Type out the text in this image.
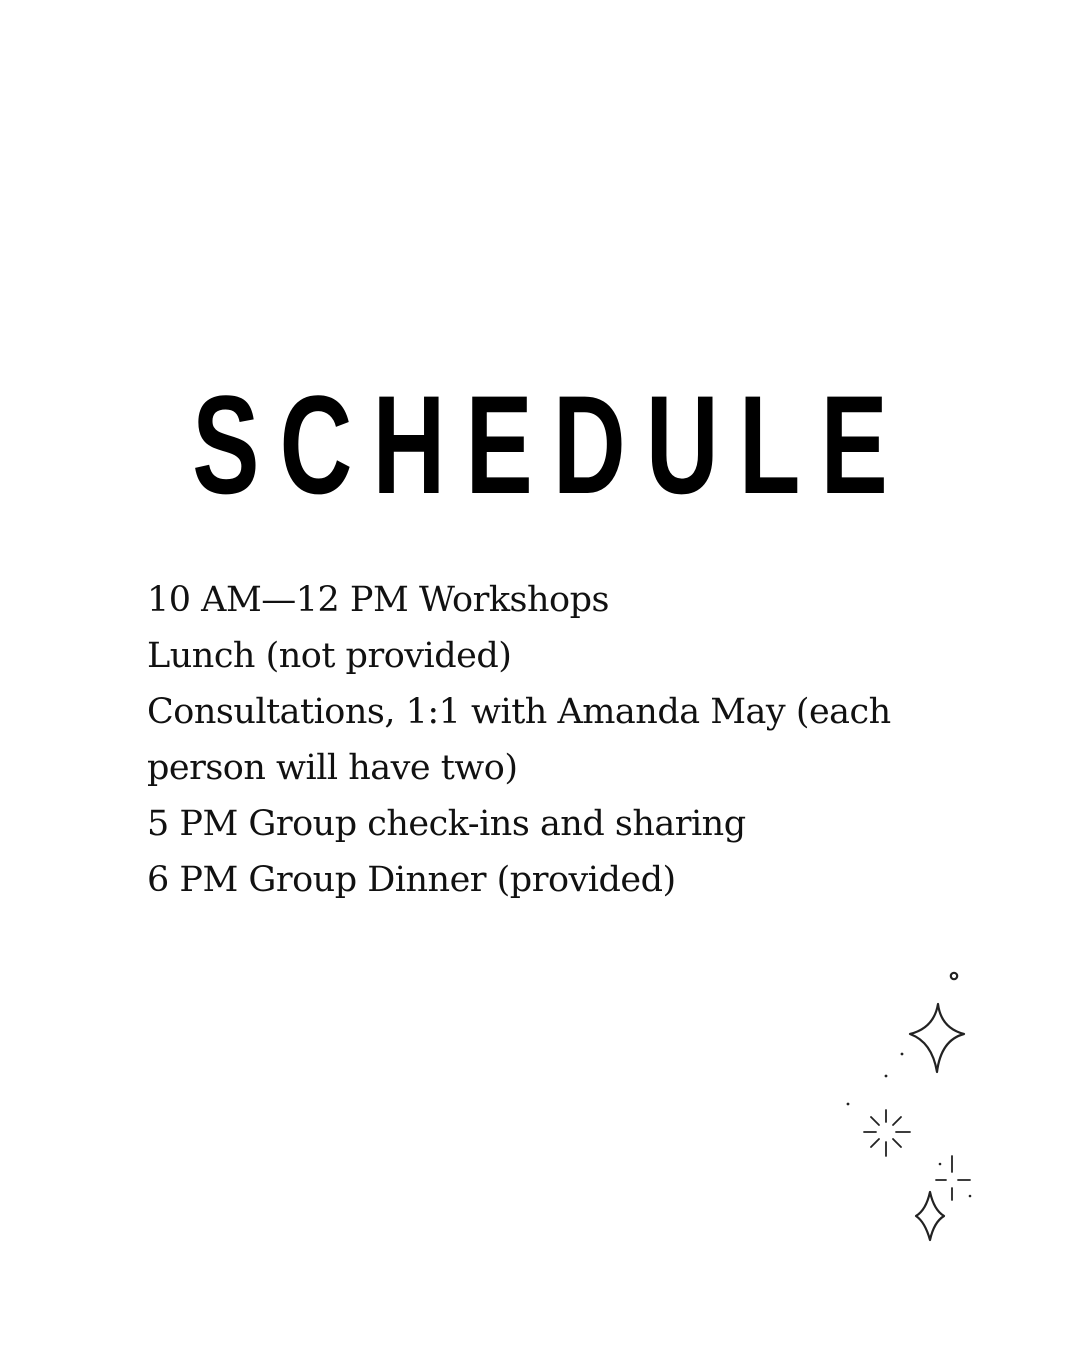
SCHEDULE
10 AM—12 PM Workshops
Lunch (not provided)
Consultations, 1:1 with Amanda May (each person will have two)
5 PM Group check-ins and sharing
6 PM Group Dinner (provided)
